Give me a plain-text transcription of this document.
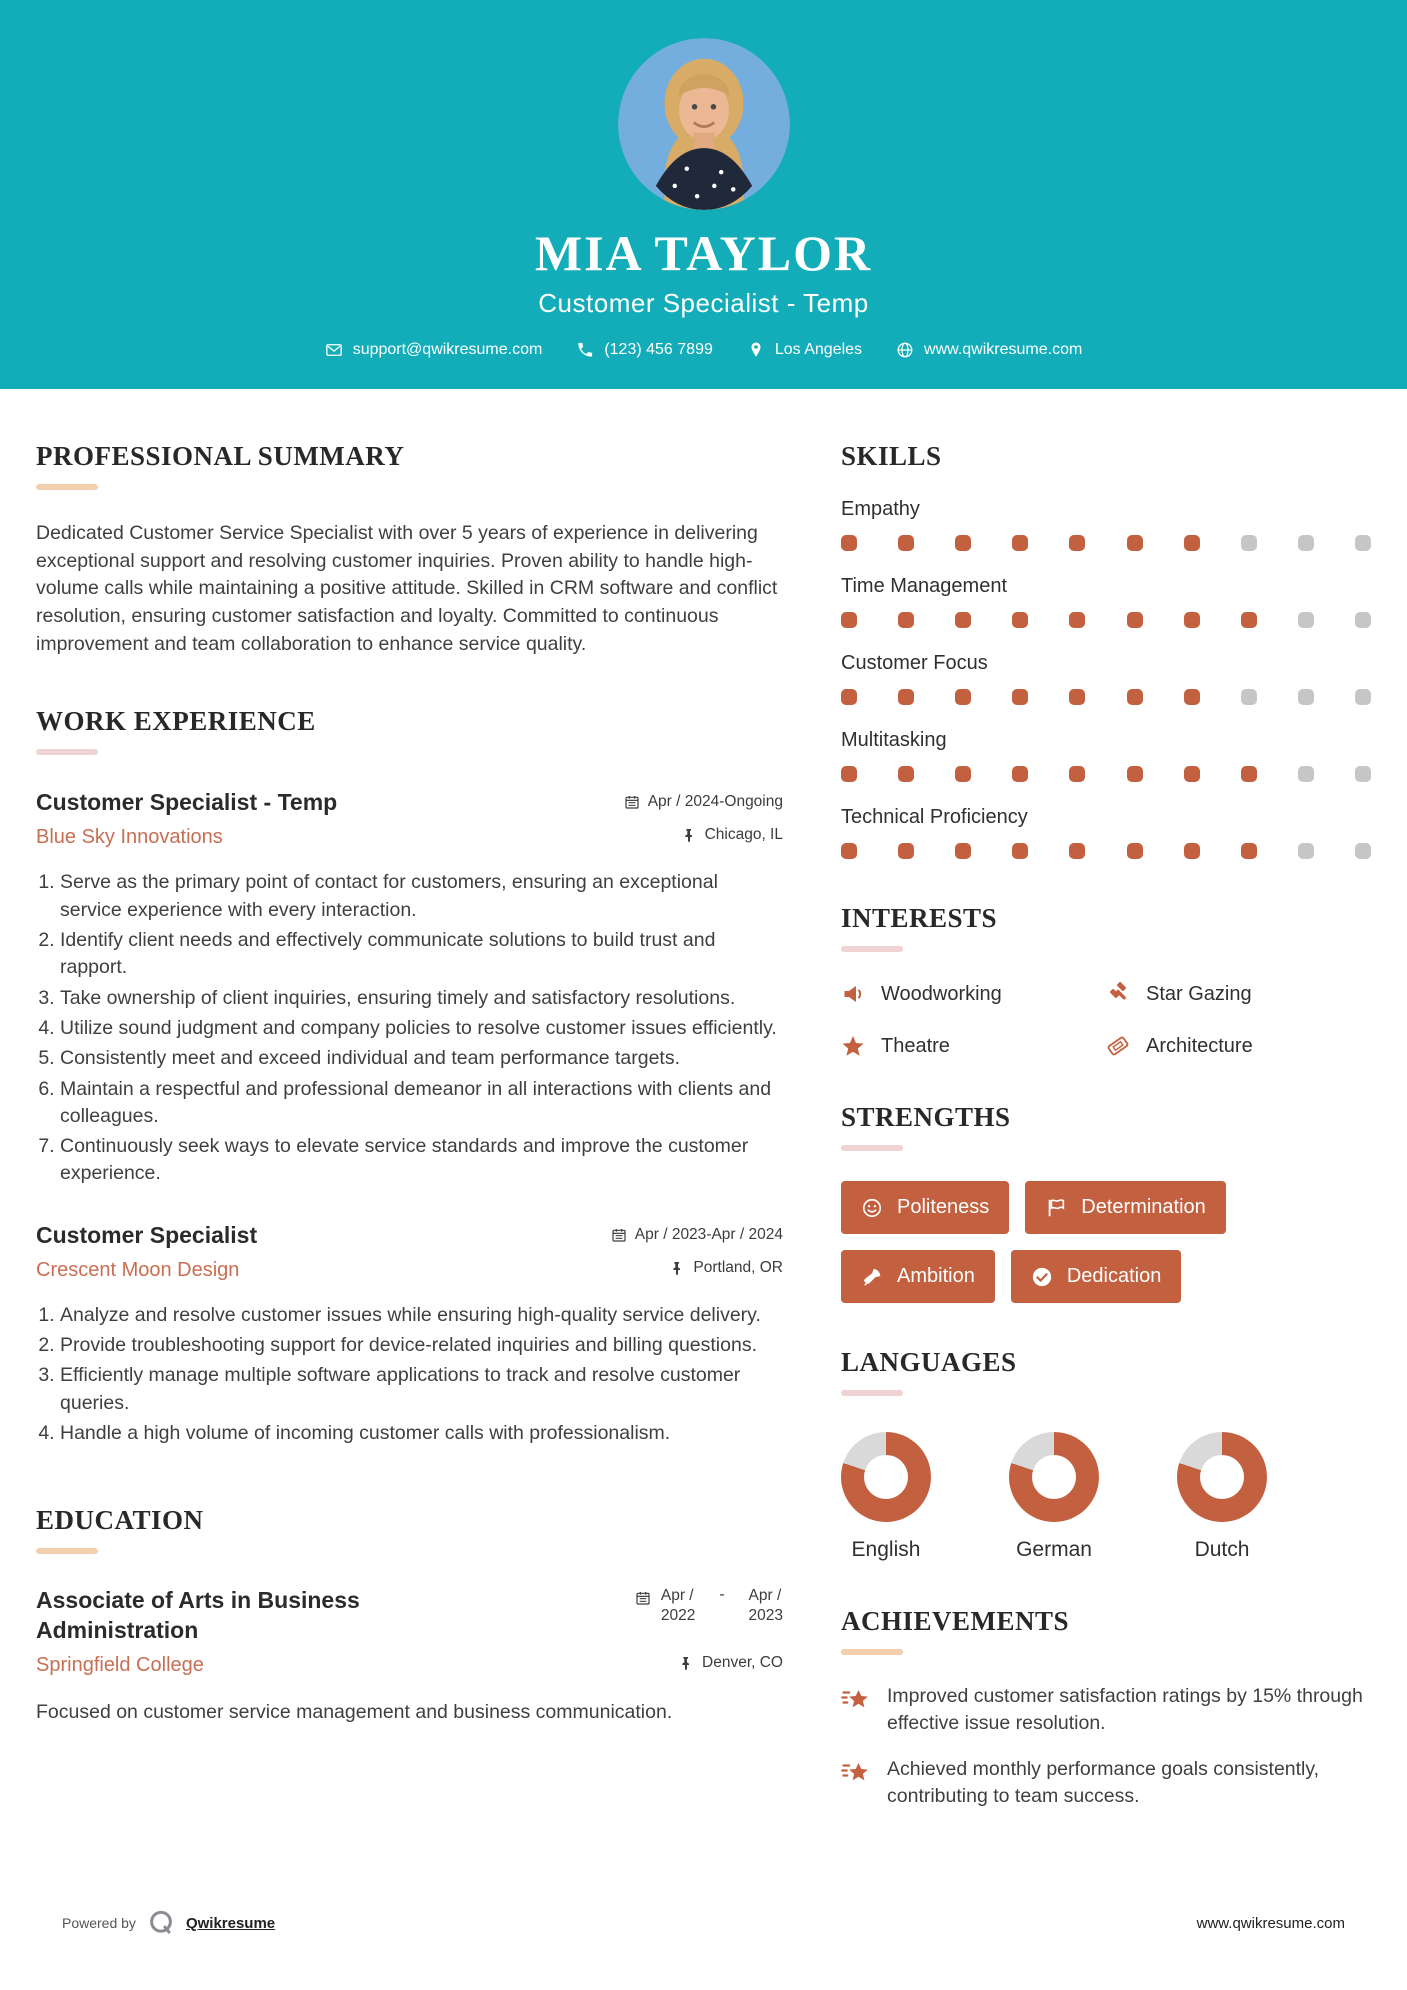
MIA TAYLOR
Customer Specialist - Temp
support@qwikresume.com	(123) 456 7899	Los Angeles	www.qwikresume.com
PROFESSIONAL SUMMARY

Dedicated Customer Service Specialist with over 5 years of experience in delivering exceptional support and resolving customer inquiries. Proven ability to handle high-volume calls while maintaining a positive attitude. Skilled in CRM software and conflict resolution, ensuring customer satisfaction and loyalty. Committed to continuous improvement and team collaboration to enhance service quality.

WORK EXPERIENCE
Customer Specialist - Temp	Apr / 2024-Ongoing
Blue Sky Innovations	Chicago, IL
1. Serve as the primary point of contact for customers, ensuring an exceptional service experience with every interaction.
2. Identify client needs and effectively communicate solutions to build trust and rapport.
3. Take ownership of client inquiries, ensuring timely and satisfactory resolutions.
4. Utilize sound judgment and company policies to resolve customer issues efficiently.
5. Consistently meet and exceed individual and team performance targets.
6. Maintain a respectful and professional demeanor in all interactions with clients and colleagues.
7. Continuously seek ways to elevate service standards and improve the customer experience.
Customer Specialist	Apr / 2023-Apr / 2024
Crescent Moon Design	Portland, OR
1. Analyze and resolve customer issues while ensuring high-quality service delivery.
2. Provide troubleshooting support for device-related inquiries and billing questions.
3. Efficiently manage multiple software applications to track and resolve customer queries.
4. Handle a high volume of incoming customer calls with professionalism.
EDUCATION
Associate of Arts in Business Administration
Apr /
2022
- Apr /
2023
Springfield College	Denver, CO

Focused on customer service management and business communication.

SKILLS
Empathy
Time Management
Customer Focus
Multitasking
Technical Proficiency
INTERESTS
Woodworking	Star Gazing
Theatre	Architecture
STRENGTHS
Politeness	Determination
Ambition	Dedication
LANGUAGES
English	German	Dutch
ACHIEVEMENTS
Improved customer satisfaction ratings by 15% through effective issue resolution.
Achieved monthly performance goals consistently, contributing to team success.
Powered by	Qwikresume	www.qwikresume.com
